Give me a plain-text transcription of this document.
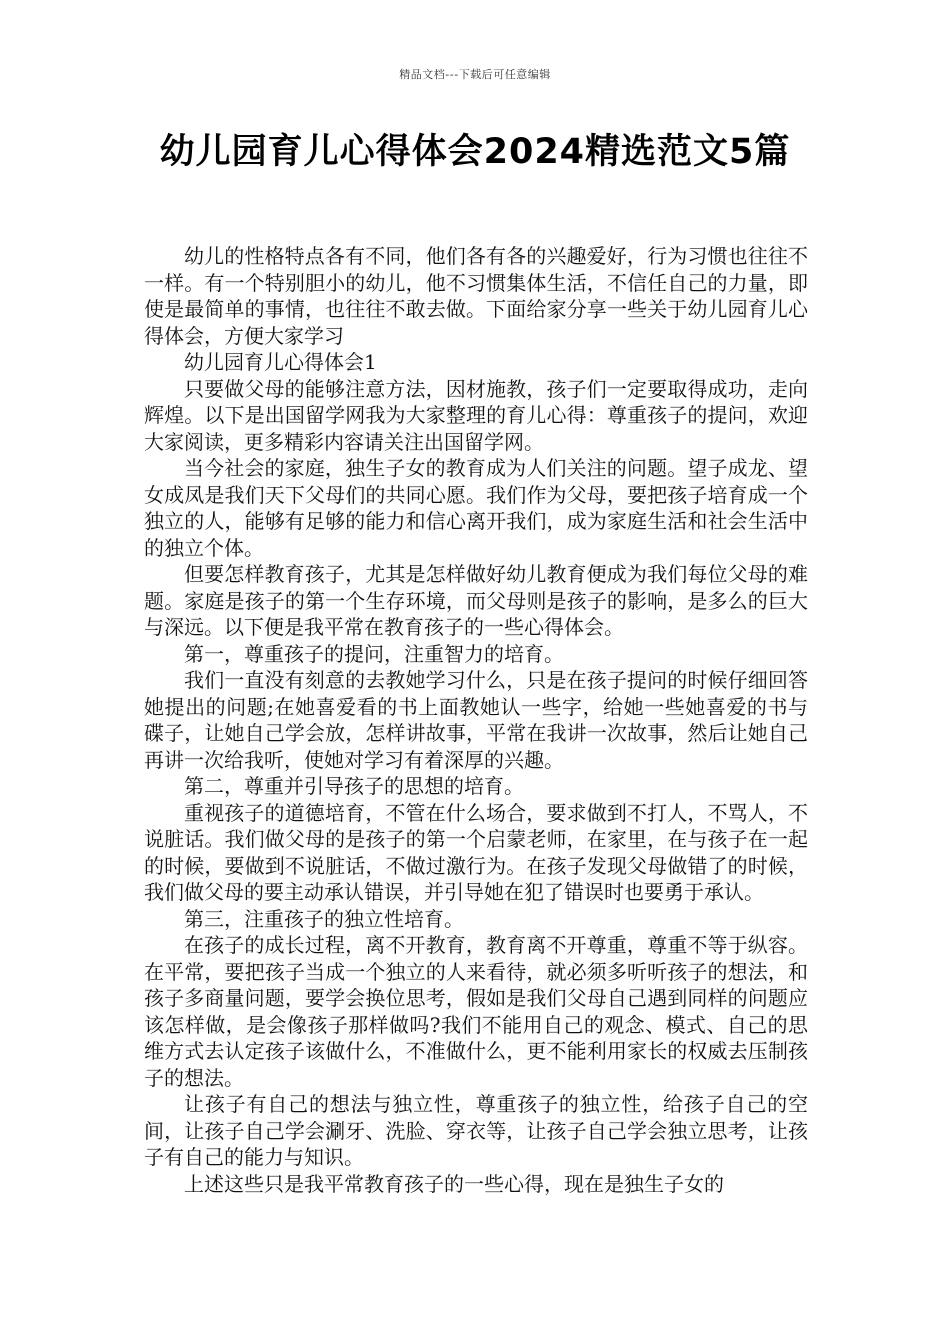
精品文档---下载后可任意编辑
幼儿园育儿心得体会2024精选范文5篇

幼儿的性格特点各有不同，他们各有各的兴趣爱好，行为习惯也往往不一样。有一个特别胆小的幼儿，他不习惯集体生活，不信任自己的力量，即使是最简单的事情，也往往不敢去做。下面给家分享一些关于幼儿园育儿心得体会，方便大家学习

幼儿园育儿心得体会1

只要做父母的能够注意方法，因材施教，孩子们一定要取得成功，走向辉煌。以下是出国留学网我为大家整理的育儿心得：尊重孩子的提问，欢迎大家阅读，更多精彩内容请关注出国留学网。

当今社会的家庭，独生子女的教育成为人们关注的问题。望子成龙、望女成凤是我们天下父母们的共同心愿。我们作为父母，要把孩子培育成一个独立的人，能够有足够的能力和信心离开我们，成为家庭生活和社会生活中的独立个体。

但要怎样教育孩子，尤其是怎样做好幼儿教育便成为我们每位父母的难题。家庭是孩子的第一个生存环境，而父母则是孩子的影响，是多么的巨大与深远。以下便是我平常在教育孩子的一些心得体会。

第一，尊重孩子的提问，注重智力的培育。

我们一直没有刻意的去教她学习什么，只是在孩子提问的时候仔细回答她提出的问题;在她喜爱看的书上面教她认一些字，给她一些她喜爱的书与碟子，让她自己学会放，怎样讲故事，平常在我讲一次故事，然后让她自己再讲一次给我听，使她对学习有着深厚的兴趣。

第二，尊重并引导孩子的思想的培育。

重视孩子的道德培育，不管在什么场合，要求做到不打人，不骂人，不说脏话。我们做父母的是孩子的第一个启蒙老师，在家里，在与孩子在一起的时候，要做到不说脏话，不做过激行为。在孩子发现父母做错了的时候，我们做父母的要主动承认错误，并引导她在犯了错误时也要勇于承认。

第三，注重孩子的独立性培育。

在孩子的成长过程，离不开教育，教育离不开尊重，尊重不等于纵容。在平常，要把孩子当成一个独立的人来看待，就必须多听听孩子的想法，和孩子多商量问题，要学会换位思考，假如是我们父母自己遇到同样的问题应该怎样做，是会像孩子那样做吗?我们不能用自己的观念、模式、自己的思维方式去认定孩子该做什么，不准做什么，更不能利用家长的权威去压制孩子的想法。

让孩子有自己的想法与独立性，尊重孩子的独立性，给孩子自己的空间，让孩子自己学会涮牙、洗脸、穿衣等，让孩子自己学会独立思考，让孩子有自己的能力与知识。

上述这些只是我平常教育孩子的一些心得，现在是独生子女的
